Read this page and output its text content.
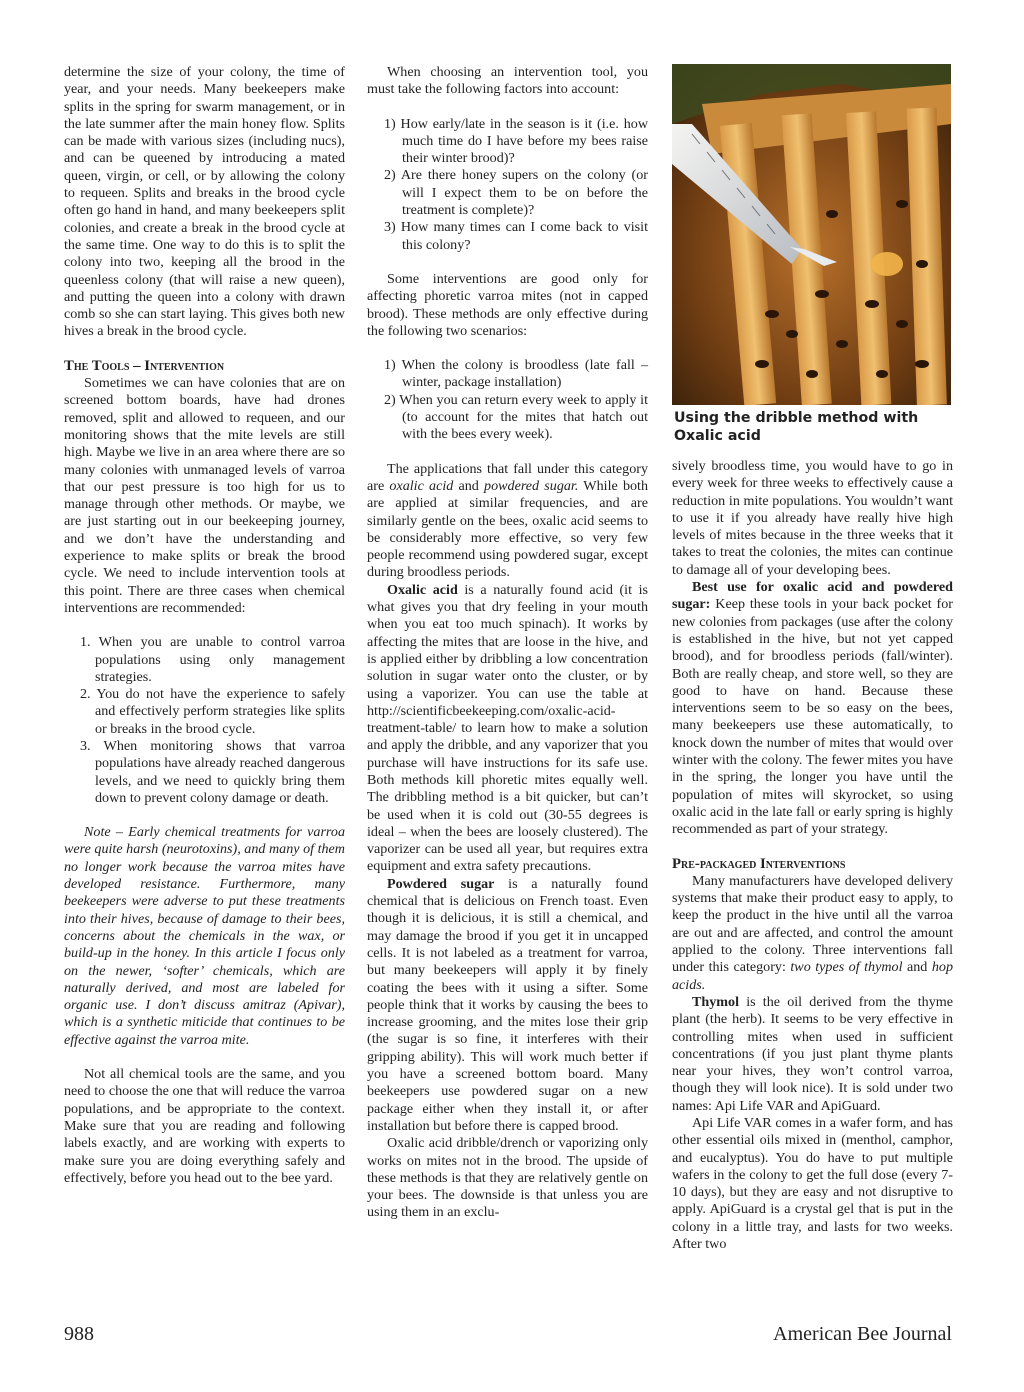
determine the size of your colony, the time of year, and your needs. Many beekeepers make splits in the spring for swarm management, or in the late summer after the main honey flow. Splits can be made with various sizes (including nucs), and can be queened by introducing a mated queen, virgin, or cell, or by allowing the colony to requeen. Splits and breaks in the brood cycle often go hand in hand, and many beekeepers split colonies, and create a break in the brood cycle at the same time. One way to do this is to split the colony into two, keeping all the brood in the queenless colony (that will raise a new queen), and putting the queen into a colony with drawn comb so she can start laying. This gives both new hives a break in the brood cycle.

The Tools – Intervention

Sometimes we can have colonies that are on screened bottom boards, have had drones removed, split and allowed to requeen, and our monitoring shows that the mite levels are still high. Maybe we live in an area where there are so many colonies with unmanaged levels of varroa that our pest pressure is too high for us to manage through other methods. Or maybe, we are just starting out in our beekeeping journey, and we don’t have the understanding and experience to make splits or break the brood cycle. We need to include intervention tools at this point. There are three cases when chemical interventions are recommended:

1. When you are unable to control varroa populations using only management strategies.

2. You do not have the experience to safely and effectively perform strategies like splits or breaks in the brood cycle.

3. When monitoring shows that varroa populations have already reached dangerous levels, and we need to quickly bring them down to prevent colony damage or death.

Note – Early chemical treatments for varroa were quite harsh (neurotoxins), and many of them no longer work because the varroa mites have developed resistance. Furthermore, many beekeepers were adverse to put these treatments into their hives, because of damage to their bees, concerns about the chemicals in the wax, or build-up in the honey. In this article I focus only on the newer, ‘softer’ chemicals, which are naturally derived, and most are labeled for organic use. I don’t discuss amitraz (Apivar), which is a synthetic miticide that continues to be effective against the varroa mite.

Not all chemical tools are the same, and you need to choose the one that will reduce the varroa populations, and be appropriate to the context. Make sure that you are reading and following labels exactly, and are working with experts to make sure you are doing everything safely and effectively, before you head out to the bee yard.

When choosing an intervention tool, you must take the following factors into account:

1) How early/late in the season is it (i.e. how much time do I have before my bees raise their winter brood)?

2) Are there honey supers on the colony (or will I expect them to be on before the treatment is complete)?

3) How many times can I come back to visit this colony?

Some interventions are good only for affecting phoretic varroa mites (not in capped brood). These methods are only effective during the following two scenarios:

1) When the colony is broodless (late fall – winter, package installation)

2) When you can return every week to apply it (to account for the mites that hatch out with the bees every week).

The applications that fall under this category are oxalic acid and powdered sugar. While both are applied at similar frequencies, and are similarly gentle on the bees, oxalic acid seems to be considerably more effective, so very few people recommend using powdered sugar, except during broodless periods.

Oxalic acid is a naturally found acid (it is what gives you that dry feeling in your mouth when you eat too much spinach). It works by affecting the mites that are loose in the hive, and is applied either by dribbling a low concentration solution in sugar water onto the cluster, or by using a vaporizer. You can use the table at http://scientificbeekeeping.com/oxalic-acid-treatment-table/ to learn how to make a solution and apply the dribble, and any vaporizer that you purchase will have instructions for its safe use. Both methods kill phoretic mites equally well. The dribbling method is a bit quicker, but can’t be used when it is cold out (30-55 degrees is ideal – when the bees are loosely clustered). The vaporizer can be used all year, but requires extra equipment and extra safety precautions.

Powdered sugar is a naturally found chemical that is delicious on French toast. Even though it is delicious, it is still a chemical, and may damage the brood if you get it in uncapped cells. It is not labeled as a treatment for varroa, but many beekeepers will apply it by finely coating the bees with it using a sifter. Some people think that it works by causing the bees to increase grooming, and the mites lose their grip (the sugar is so fine, it interferes with their gripping ability). This will work much better if you have a screened bottom board. Many beekeepers use powdered sugar on a new package either when they install it, or after installation but before there is capped brood.

Oxalic acid dribble/drench or vaporizing only works on mites not in the brood. The upside of these methods is that they are relatively gentle on your bees. The downside is that unless you are using them in an exclu-

Using the dribble method with Oxalic acid

sively broodless time, you would have to go in every week for three weeks to effectively cause a reduction in mite populations. You wouldn’t want to use it if you already have really hive high levels of mites because in the three weeks that it takes to treat the colonies, the mites can continue to damage all of your developing bees.

Best use for oxalic acid and powdered sugar: Keep these tools in your back pocket for new colonies from packages (use after the colony is established in the hive, but not yet capped brood), and for broodless periods (fall/winter). Both are really cheap, and store well, so they are good to have on hand. Because these interventions seem to be so easy on the bees, many beekeepers use these automatically, to knock down the number of mites that would over winter with the colony. The fewer mites you have in the spring, the longer you have until the population of mites will skyrocket, so using oxalic acid in the late fall or early spring is highly recommended as part of your strategy.

Pre-packaged Interventions

Many manufacturers have developed delivery systems that make their product easy to apply, to keep the product in the hive until all the varroa are out and are affected, and control the amount applied to the colony. Three interventions fall under this category: two types of thymol and hop acids.

Thymol is the oil derived from the thyme plant (the herb). It seems to be very effective in controlling mites when used in sufficient concentrations (if you just plant thyme plants near your hives, they won’t control varroa, though they will look nice). It is sold under two names: Api Life VAR and ApiGuard.

Api Life VAR comes in a wafer form, and has other essential oils mixed in (menthol, camphor, and eucalyptus). You do have to put multiple wafers in the colony to get the full dose (every 7-10 days), but they are easy and not disruptive to apply. ApiGuard is a crystal gel that is put in the colony in a little tray, and lasts for two weeks. After two

988	American Bee Journal
